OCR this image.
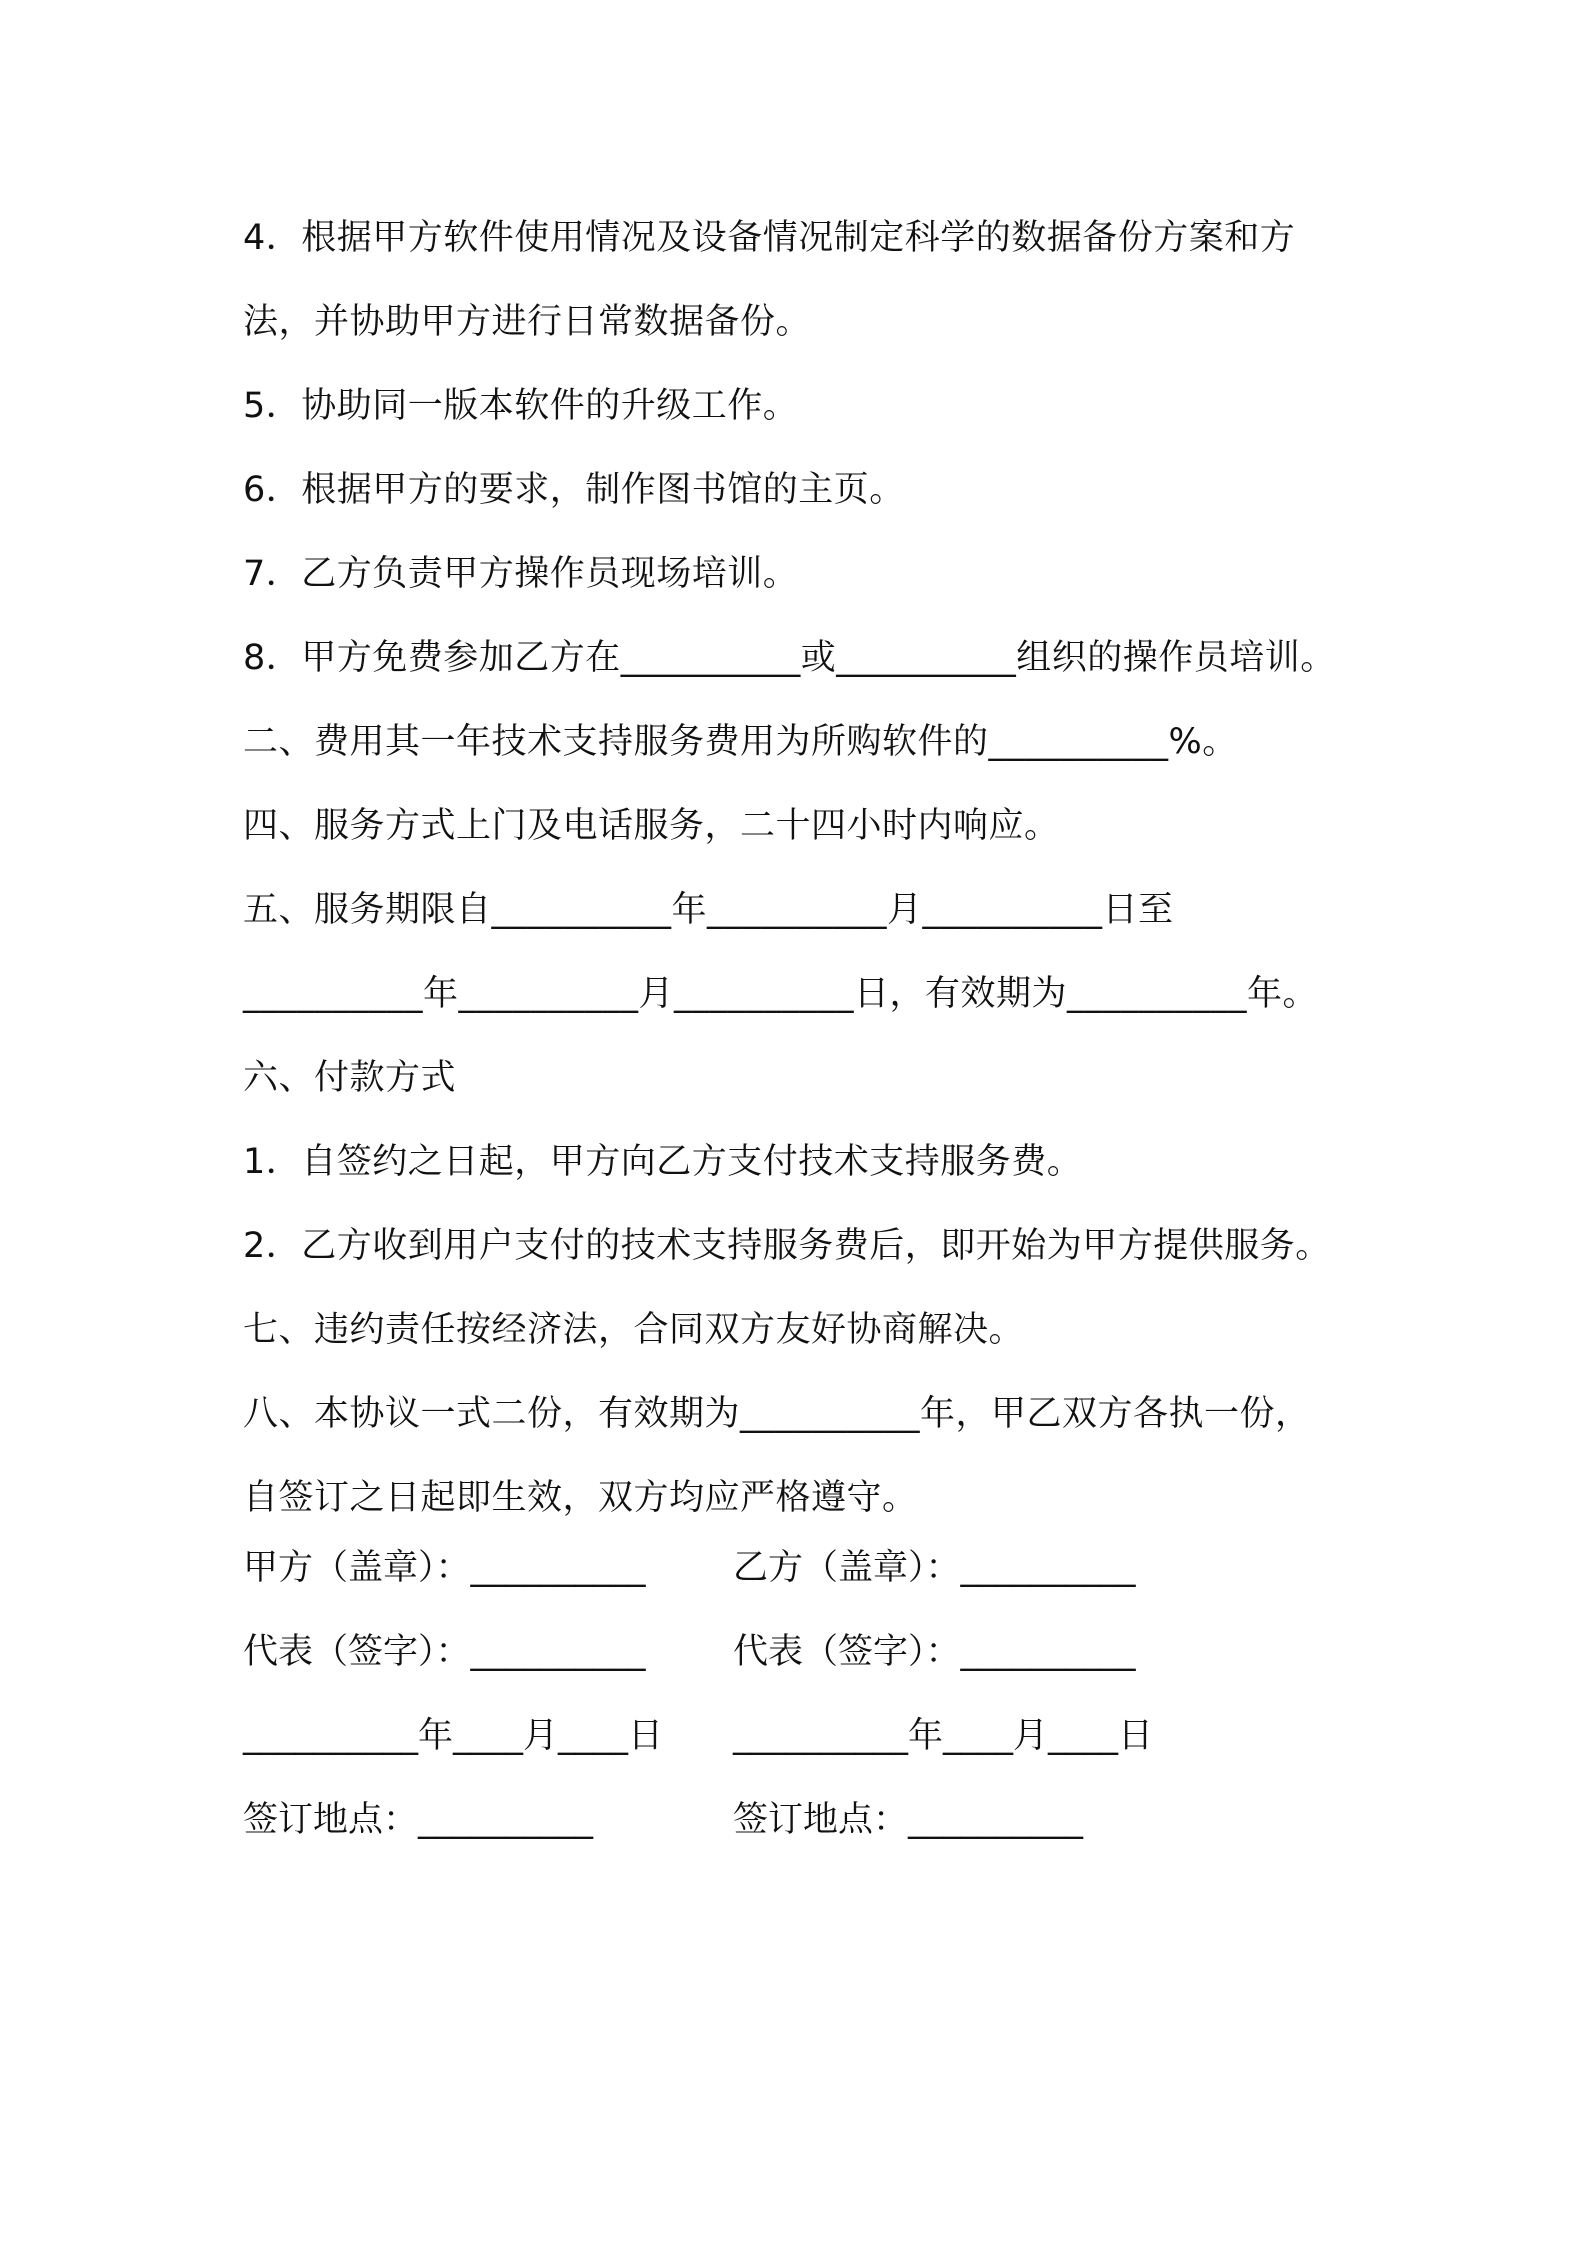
4．根据甲方软件使用情况及设备情况制定科学的数据备份方案和方
法，并协助甲方进行日常数据备份。
5．协助同一版本软件的升级工作。
6．根据甲方的要求，制作图书馆的主页。
7．乙方负责甲方操作员现场培训。
8．甲方免费参加乙方在__________或__________组织的操作员培训。
二、费用其一年技术支持服务费用为所购软件的__________%。
四、服务方式上门及电话服务，二十四小时内响应。
五、服务期限自__________年__________月__________日至
__________年__________月__________日，有效期为__________年。
六、付款方式
1．自签约之日起，甲方向乙方支付技术支持服务费。
2．乙方收到用户支付的技术支持服务费后，即开始为甲方提供服务。
七、违约责任按经济法，合同双方友好协商解决。
八、本协议一式二份，有效期为__________年，甲乙双方各执一份，
自签订之日起即生效，双方均应严格遵守。
甲方（盖章）：__________ 乙方（盖章）：__________
代表（签字）：__________ 代表（签字）：__________
__________年____月____日 __________年____月____日
签订地点：__________	签订地点：__________
